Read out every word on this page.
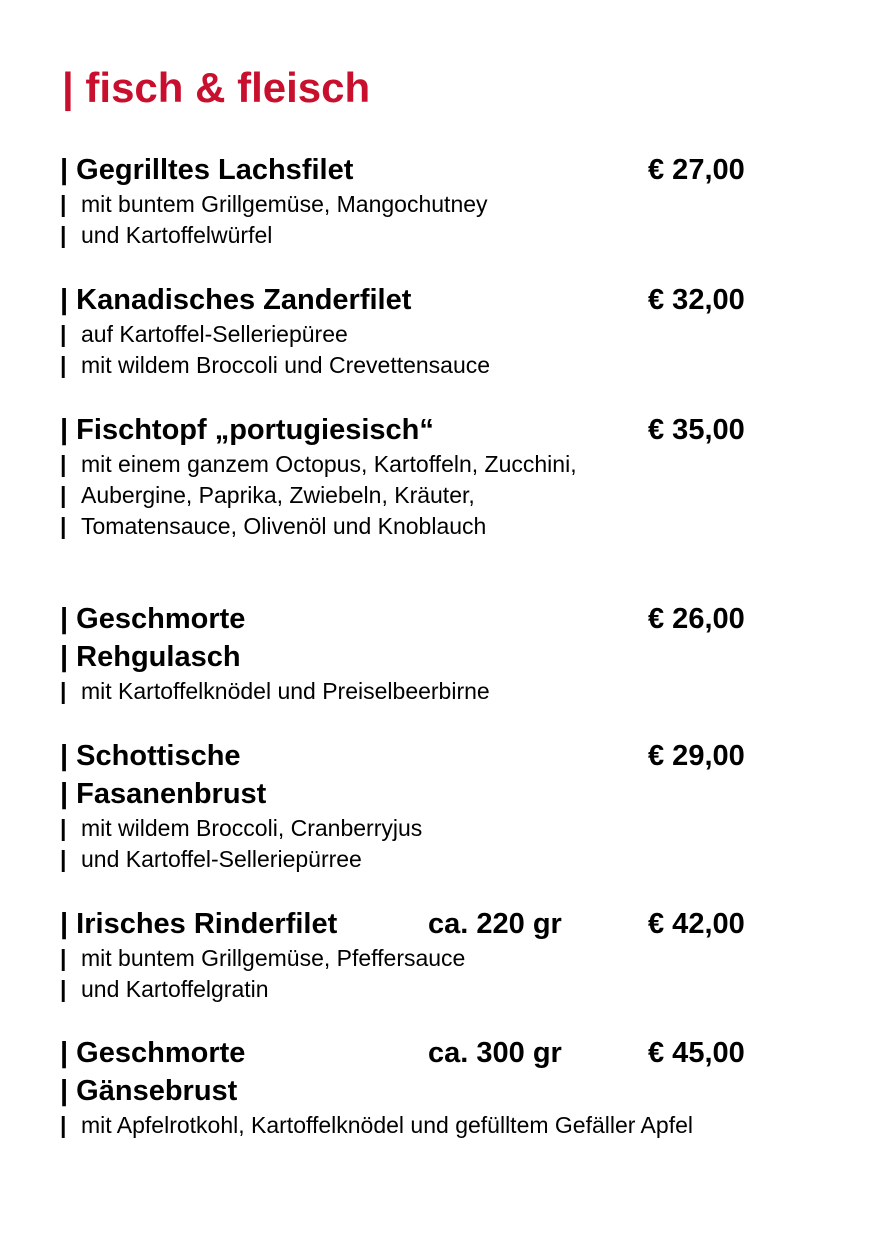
| fisch & fleisch
| Gegrilltes Lachsfilet	€ 27,00
| mit buntem Grillgemüse, Mangochutney
| und Kartoffelwürfel
| Kanadisches Zanderfilet	€ 32,00
| auf Kartoffel-Selleriepüree
| mit wildem Broccoli und Crevettensauce
| Fischtopf „portugiesisch“	€ 35,00
| mit einem ganzem Octopus, Kartoffeln, Zucchini,
| Aubergine, Paprika, Zwiebeln, Kräuter,
| Tomatensauce, Olivenöl und Knoblauch
| Geschmorte	€ 26,00
| Rehgulasch
| mit Kartoffelknödel und Preiselbeerbirne
| Schottische	€ 29,00
| Fasanenbrust
| mit wildem Broccoli, Cranberryjus
| und Kartoffel-Selleriepürree
| Irisches Rinderfilet	ca. 220 gr	€ 42,00
| mit buntem Grillgemüse, Pfeffersauce
| und Kartoffelgratin
| Geschmorte	ca. 300 gr	€ 45,00
| Gänsebrust
| mit Apfelrotkohl, Kartoffelknödel und gefülltem Gefäller Apfel
